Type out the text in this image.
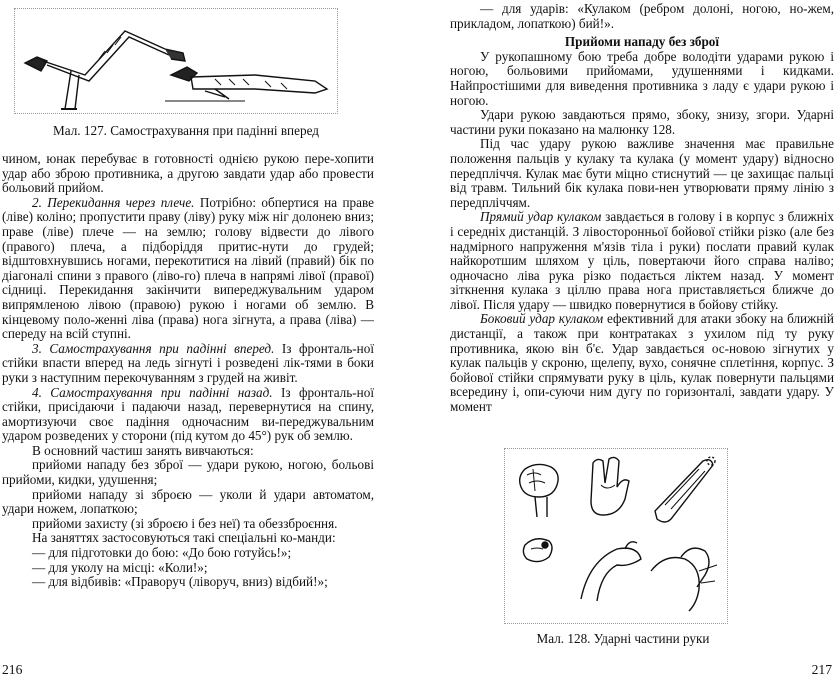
Мал. 127. Самострахування при падінні вперед

чином, юнак перебуває в готовності однією рукою пере-хопити удар або зброю противника, а другою завдати удар або провести больовий прийом.

2. Перекидання через плече. Потрібно: обпертися на праве (ліве) коліно; пропустити праву (ліву) руку між ніг долонею вниз; праве (ліве) плече — на землю; голову відвести до лівого (правого) плеча, а підборіддя притис-нути до грудей; відштовхнувшись ногами, перекотитися на лівий (правий) бік по діагоналі спини з правого (ліво-го) плеча в напрямі лівої (правої) сідниці. Перекидання закінчити випереджувальним ударом випрямленою лівою (правою) рукою і ногами об землю. В кінцевому поло-женні ліва (права) нога зігнута, а права (ліва) — спереду на всій ступні.

3. Самострахування при падінні вперед. Із фронталь-ної стійки впасти вперед на ледь зігнуті і розведені лік-тями в боки руки з наступним перекочуванням з грудей на живіт.

4. Самострахування при падінні назад. Із фронталь-ної стійки, присідаючи і падаючи назад, перевернутися на спину, амортизуючи своє падіння одночасним ви-переджувальним ударом розведених у сторони (під кутом до 45°) рук об землю.

В основний частиш занять вивчаються:

прийоми нападу без зброї — удари рукою, ногою, больові прийоми, кидки, удушення;

прийоми нападу зі зброєю — уколи й удари автоматом, удари ножем, лопаткою;

прийоми захисту (зі зброєю і без неї) та обеззброєння.

На заняттях застосовуються такі спеціальні ко-манди:

— для підготовки до бою: «До бою готуйсь!»;

— для уколу на місці: «Коли!»;

— для відбивів: «Праворуч (ліворуч, вниз) відбий!»;

216

— для ударів: «Кулаком (ребром долоні, ногою, но-жем, прикладом, лопаткою) бий!».

Прийоми нападу без зброї

У рукопашному бою треба добре володіти ударами рукою і ногою, больовими прийомами, удушеннями і кидками. Найпростішими для виведення противника з ладу є удари рукою і ногою.

Удари рукою завдаються прямо, збоку, знизу, згори. Ударні частини руки показано на малюнку 128.

Під час удару рукою важливе значення має правильне положення пальців у кулаку та кулака (у момент удару) відносно передпліччя. Кулак має бути міцно стиснутий — це захищає пальці від травм. Тильний бік кулака пови-нен утворювати пряму лінію з передпліччям.

Прямий удар кулаком завдається в голову і в корпус з ближніх і середніх дистанцій. З лівосторонньої бойової стійки різко (але без надмірного напруження м'язів тіла і руки) послати правий кулак найкоротшим шляхом у ціль, повертаючи його справа наліво; одночасно ліва рука різко подається ліктем назад. У момент зіткнення кулака з ціллю права нога приставляється ближче до лівої. Після удару — швидко повернутися в бойову стійку.

Боковий удар кулаком ефективний для атаки збоку на ближній дистанції, а також при контратаках з ухилом під ту руку противника, якою він б'є. Удар завдається ос-новою зігнутих у кулак пальців у скроню, щелепу, вухо, сонячне сплетіння, корпус. З бойової стійки спрямувати руку в ціль, кулак повернути пальцями всередину і, опи-суючи ним дугу по горизонталі, завдати удару. У момент

Мал. 128. Ударні частини руки
217
